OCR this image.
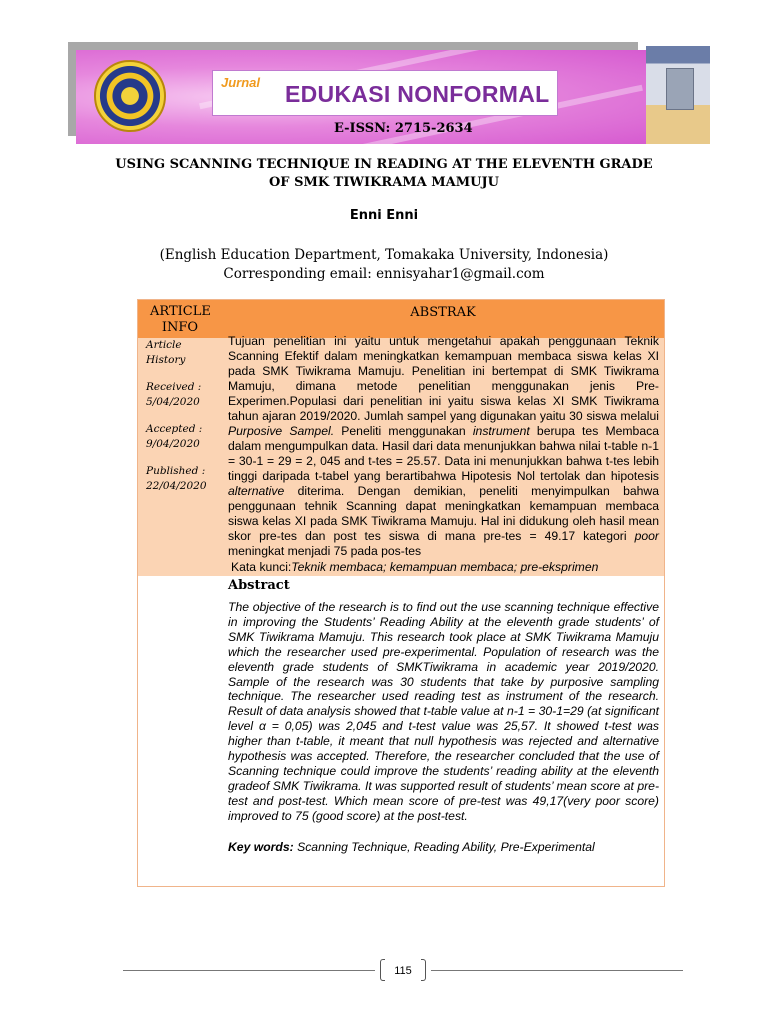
Jurnal EDUKASI NONFORMAL
E-ISSN: 2715-2634
USING SCANNING TECHNIQUE IN READING AT THE ELEVENTH GRADE
OF SMK TIWIKRAMA MAMUJU
Enni Enni
(English Education Department, Tomakaka University, Indonesia)
Corresponding email: ennisyahar1@gmail.com
ARTICLE INFO
ABSTRAK
Article History
Received :
5/04/2020
Accepted :
9/04/2020
Published :
22/04/2020
Tujuan penelitian ini yaitu untuk mengetahui apakah penggunaan Teknik Scanning Efektif dalam meningkatkan kemampuan membaca siswa kelas XI pada SMK Tiwikrama Mamuju. Penelitian ini bertempat di SMK Tiwikrama Mamuju, dimana metode penelitian menggunakan jenis Pre-Experimen.Populasi dari penelitian ini yaitu siswa kelas XI SMK Tiwikrama tahun ajaran 2019/2020. Jumlah sampel yang digunakan yaitu 30 siswa melalui Purposive Sampel. Peneliti menggunakan instrument berupa tes Membaca dalam mengumpulkan data. Hasil dari data menunjukkan bahwa nilai t-table n-1 = 30-1 = 29 = 2, 045 and t-tes = 25.57. Data ini menunjukkan bahwa t-tes lebih tinggi daripada t-tabel yang berartibahwa Hipotesis Nol tertolak dan hipotesis alternative diterima. Dengan demikian, peneliti menyimpulkan bahwa penggunaan tehnik Scanning dapat meningkatkan kemampuan membaca siswa kelas XI pada SMK Tiwikrama Mamuju. Hal ini didukung oleh hasil mean skor pre-tes dan post tes siswa di mana pre-tes = 49.17 kategori poor meningkat menjadi 75 pada pos-tes
Kata kunci:Teknik membaca; kemampuan membaca; pre-eksprimen
Abstract
The objective of the research is to find out the use scanning technique effective in improving the Students’ Reading Ability at the eleventh grade students’ of SMK Tiwikrama Mamuju. This research took place at SMK Tiwikrama Mamuju which the researcher used pre-experimental. Population of research was the eleventh grade students of SMKTiwikrama in academic year 2019/2020. Sample of the research was 30 students that take by purposive sampling technique. The researcher used reading test as instrument of the research. Result of data analysis showed that t-table value at n-1 = 30-1=29 (at significant level α = 0,05) was 2,045 and t-test value was 25,57. It showed t-test was higher than t-table, it meant that null hypothesis was rejected and alternative hypothesis was accepted. Therefore, the researcher concluded that the use of Scanning technique could improve the students’ reading ability at the eleventh gradeof SMK Tiwikrama. It was supported result of students’ mean score at pre-test and post-test. Which mean score of pre-test was 49,17(very poor score) improved to 75 (good score) at the post-test.
Key words: Scanning Technique, Reading Ability, Pre-Experimental
115
